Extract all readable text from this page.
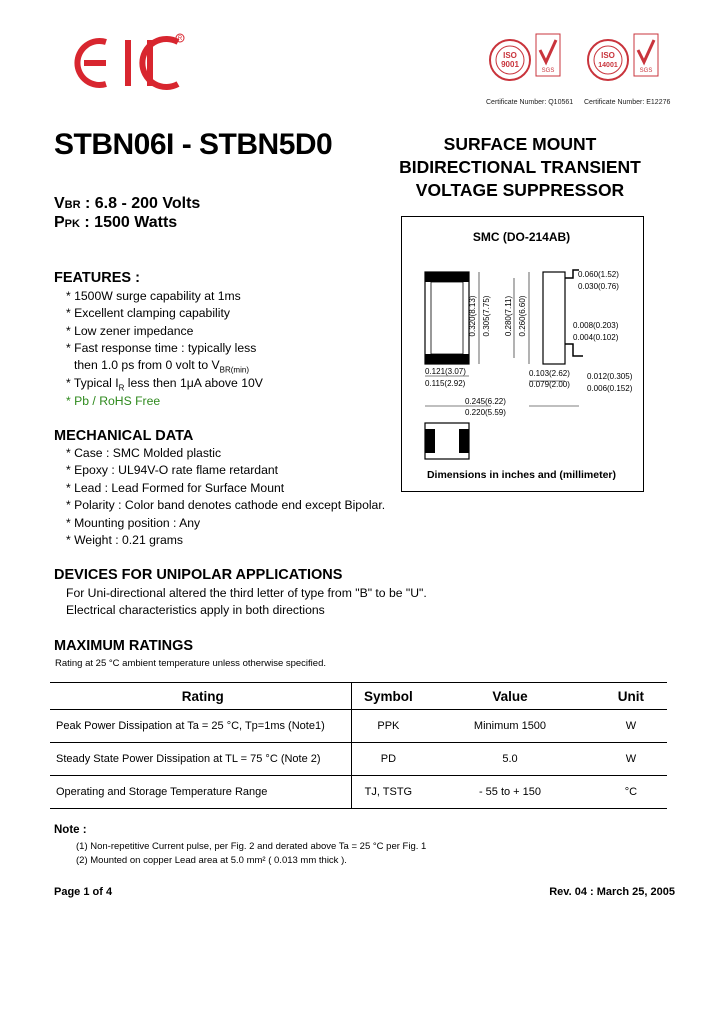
R
ISO
9001
SGS
Certificate Number: Q10561
ISO
14001
SGS
Certificate Number: E12276
STBN06I - STBN5D0	SURFACE MOUNT
BIDIRECTIONAL TRANSIENT
VOLTAGE SUPPRESSOR
VBR : 6.8 - 200 Volts
PPK : 1500 Watts
FEATURES :
* 1500W surge capability at 1ms
* Excellent clamping capability
* Low zener impedance
* Fast response time : typically less
then 1.0 ps from 0 volt to $V_{BR(min)}$
* Typical $I_R$ less then 1μA above 10V
* Pb / RoHS Free
MECHANICAL DATA
* Case : SMC Molded plastic
* Epoxy : UL94V-O rate flame retardant
* Lead : Lead Formed for Surface Mount
* Polarity : Color band denotes cathode end except Bipolar.
* Mounting position : Any
* Weight : 0.21 grams
DEVICES FOR UNIPOLAR APPLICATIONS
For Uni-directional altered the third letter of type from "B" to be "U".
Electrical characteristics apply in both directions
SMC (DO-214AB)
0.060(1.52)
0.030(0.76)
0.008(0.203)
0.004(0.102)
0.121(3.07)
0.115(2.92)
0.103(2.62)
0.079(2.00)
0.012(0.305)
0.006(0.152)
0.245(6.22)
0.220(5.59)
0.320(8.13) 0.305(7.75) 0.280(7.11) 0.260(6.60)
Dimensions in inches and (millimeter)
MAXIMUM RATINGS
Rating at 25 °C ambient temperature unless otherwise specified.
Rating	Symbol	Value	Unit
Peak Power Dissipation at Ta = 25 °C, Tp=1ms (Note1)	PPK	Minimum 1500	W
Steady State Power Dissipation at TL = 75 °C (Note 2)	PD	5.0	W
Operating and Storage Temperature Range	TJ, TSTG	- 55 to + 150	°C
Note :
(1) Non-repetitive Current pulse, per Fig. 2 and derated above Ta = 25 °C per Fig. 1
(2) Mounted on copper Lead area at 5.0 mm² ( 0.013 mm thick ).
Page 1 of 4	Rev. 04 : March 25, 2005
